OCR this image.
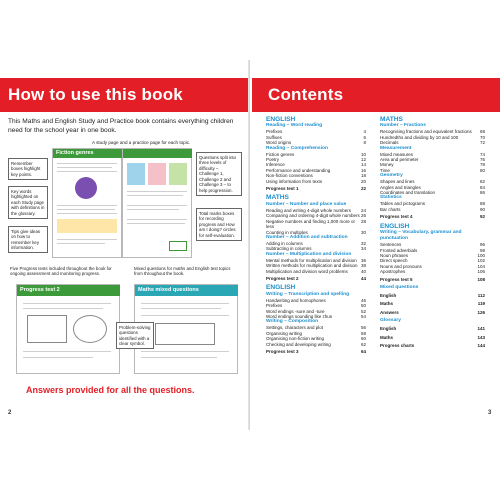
How to use this book
This Maths and English Study and Practice book contains everything children need for the school year in one book.
A study page and a practice page for each topic.
Fiction genres
Remember boxes highlight key points.
Key words highlighted on each Study page with definitions in the glossary.
Tips give ideas on how to remember key information.
Questions split into three levels of difficulty – Challenge 1, Challenge 2 and Challenge 3 – to help progression.
Total marks boxes for recording progress and How am I doing? circles for self-evaluation.
Five Progress tests included throughout the book for ongoing assessment and monitoring progress.
Mixed questions for maths and English test topics from throughout the book.
Progress test 2	Maths mixed questions
Problem-solving questions identified with a clear symbol.
Answers provided for all the questions.
2
Contents
ENGLISH
Reading – Word reading
Prefixes	4
Suffixes	6
Word origins	8
Reading – Comprehension
Fiction genres	10
Poetry	12
Inference	14
Performance and understanding	16
Non-fiction conventions	18
Using information from texts	20
Progress test 1	22
MATHS
Number – Number and place value
Reading and writing 4-digit whole numbers 24
Comparing and ordering 4-digit whole numbers 26
Negative numbers and finding 1,000 more or less
28
Counting in multiples	30
Number – Addition and subtraction
Adding in columns	32
Subtracting in columns	34
Number – Multiplication and division
Mental methods for multiplication and division 36
Written methods for multiplication and division 38
Multiplication and division word problems	40
Progress test 2	44
ENGLISH
Writing – Transcription and spelling
Handwriting and homophones	46
Prefixes	50
Word endings -sure and -ture	52
Word endings sounding like zhun	54
Writing – Composition
Settings, characters and plot	56
Organising writing	58
Organising non-fiction writing	60
Checking and developing writing	62
Progress test 3	64
MATHS
Number – Fractions
Recognising fractions and equivalent fractions 68
Hundredths and dividing by 10 and 100	70
Decimals	72
Measurement
Mixed measures	74
Area and perimeter	76
Money	78
Time	80
Geometry
Shapes and lines	82
Angles and triangles	84
Coordinates and translation	86
Statistics
Tables and pictograms	88
Bar charts	90
Progress test 4	92
ENGLISH
Writing – Vocabulary, grammar and punctuation
Sentences	96
Fronted adverbials	98
Noun phrases	100
Direct speech	102
Nouns and pronouns	104
Apostrophes	106
Progress test 5	108
Mixed questions
English	112
Maths	119
Answers	126
Glossary
English	141
Maths	143
Progress charts	144
3
